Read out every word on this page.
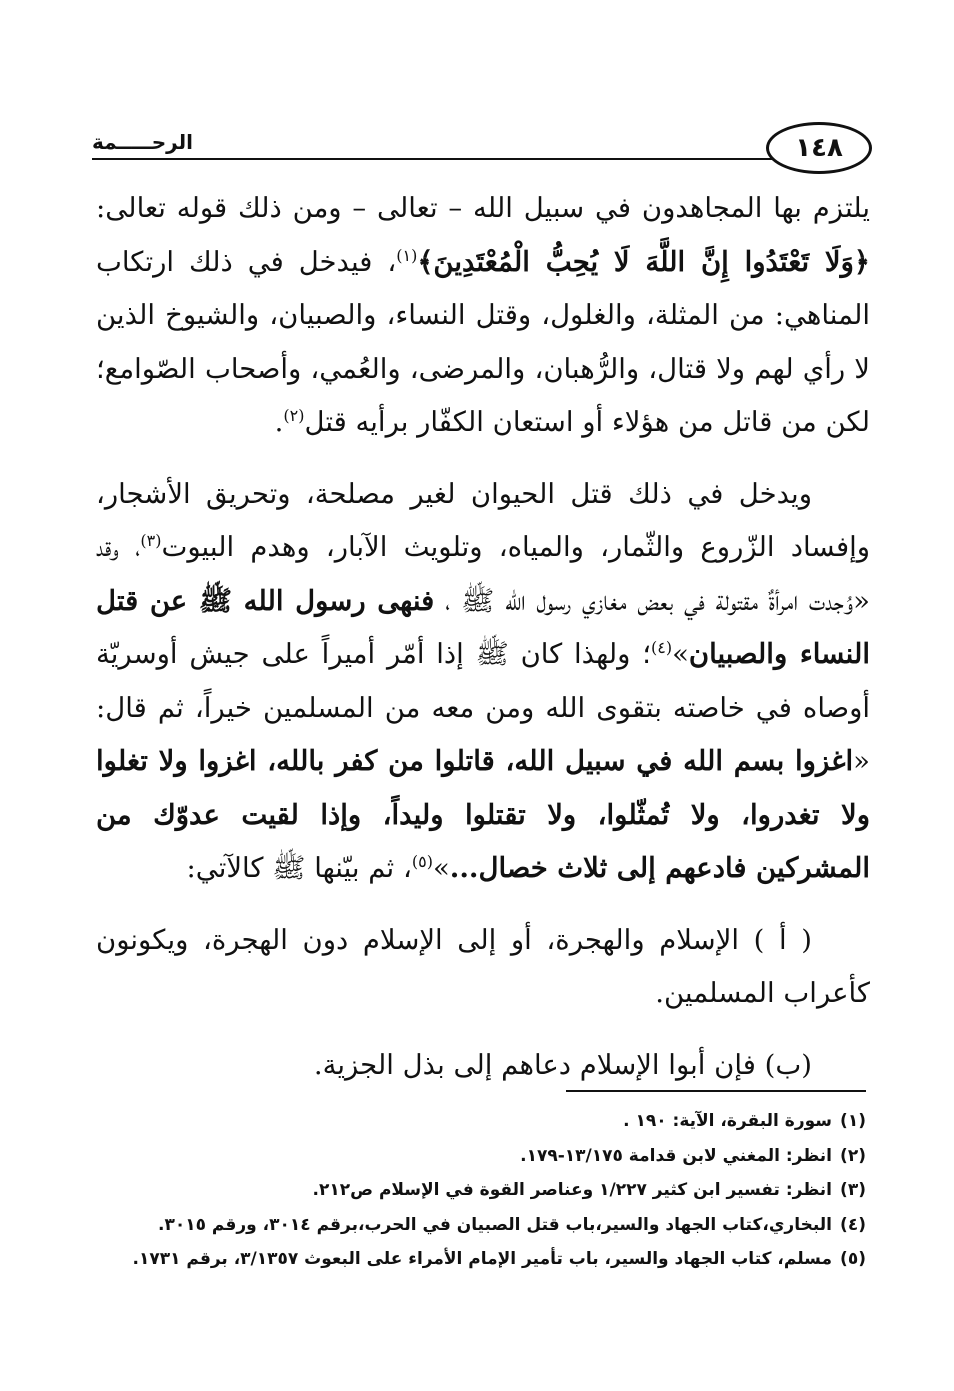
١٤٨
الرحـــــمة

يلتزم بها المجاهدون في سبيل الله – تعالى – ومن ذلك قوله تعالى: ﴿وَلَا تَعْتَدُوا إِنَّ اللَّهَ لَا يُحِبُّ الْمُعْتَدِينَ﴾$^{(١)}$، فيدخل في ذلك ارتكاب المناهي: من المثلة، والغلول، وقتل النساء، والصبيان، والشيوخ الذين لا رأي لهم ولا قتال، والرُّهبان، والمرضى، والعُمي، وأصحاب الصّوامع؛ لكن من قاتل من هؤلاء أو استعان الكفّار برأيه قتل$^{(٢)}$.

ويدخل في ذلك قتل الحيوان لغير مصلحة، وتحريق الأشجار، وإفساد الزّروع والثّمار، والمياه، وتلويث الآبار، وهدم البيوت$^{(٣)}$، وقد «وُجدت امرأةٌ مقتولة في بعض مغازي رسول الله ﷺ ، فنهى رسول الله ﷺ عن قتل النساء والصبيان»$^{(٤)}$؛ ولهذا كان ﷺ إذا أمّر أميراً على جيش أوسريّة أوصاه في خاصته بتقوى الله ومن معه من المسلمين خيراً، ثم قال: «اغزوا بسم الله في سبيل الله، قاتلوا من كفر بالله، اغزوا ولا تغلوا ولا تغدروا، ولا تُمثّلوا، ولا تقتلوا وليداً، وإذا لقيت عدوّك من المشركين فادعهم إلى ثلاث خصال...»$^{(٥)}$، ثم بيّنها ﷺ كالآتي:

( أ ) الإسلام والهجرة، أو إلى الإسلام دون الهجرة، ويكونون كأعراب المسلمين.

(ب) فإن أبوا الإسلام دعاهم إلى بذل الجزية.

(١)سورة البقرة، الآية: ١٩٠ .
(٢)انظر: المغني لابن قدامة ١٣/١٧٥-١٧٩.
(٣)انظر: تفسير ابن كثير ١/٢٢٧ وعناصر القوة في الإسلام ص٢١٢.
(٤)البخاري،كتاب الجهاد والسير،باب قتل الصبيان في الحرب،برقم ٣٠١٤، ورقم ٣٠١٥.
(٥)مسلم، كتاب الجهاد والسير، باب تأمير الإمام الأمراء على البعوث ٣/١٣٥٧، برقم ١٧٣١.
